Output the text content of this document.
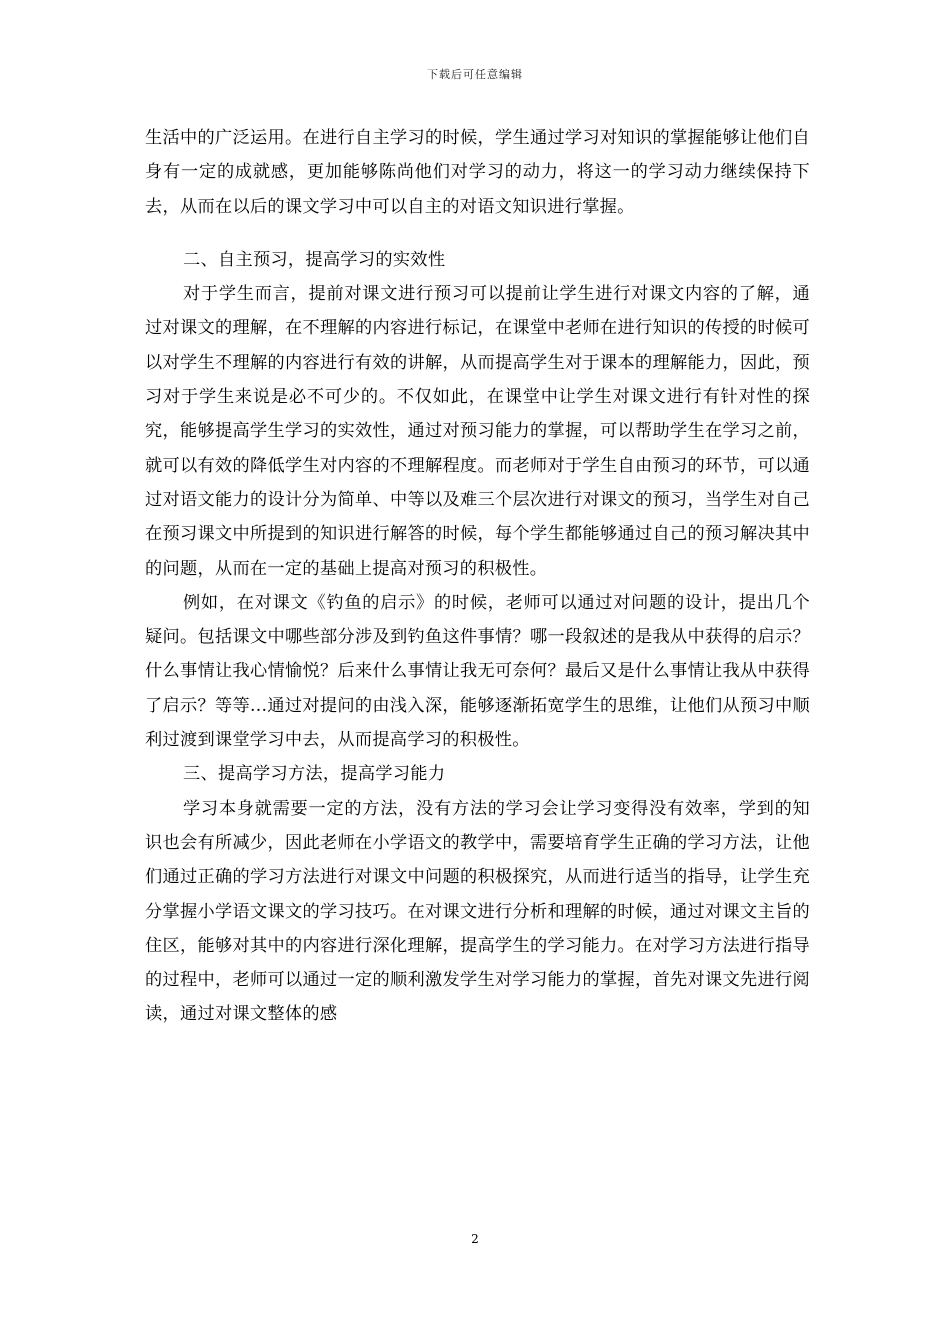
下载后可任意编辑

生活中的广泛运用。在进行自主学习的时候，学生通过学习对知识的掌握能够让他们自身有一定的成就感，更加能够陈尚他们对学习的动力，将这一的学习动力继续保持下去，从而在以后的课文学习中可以自主的对语文知识进行掌握。

二、自主预习，提高学习的实效性

对于学生而言，提前对课文进行预习可以提前让学生进行对课文内容的了解，通过对课文的理解，在不理解的内容进行标记，在课堂中老师在进行知识的传授的时候可以对学生不理解的内容进行有效的讲解，从而提高学生对于课本的理解能力，因此，预习对于学生来说是必不可少的。不仅如此，在课堂中让学生对课文进行有针对性的探究，能够提高学生学习的实效性，通过对预习能力的掌握，可以帮助学生在学习之前，就可以有效的降低学生对内容的不理解程度。而老师对于学生自由预习的环节，可以通过对语文能力的设计分为简单、中等以及难三个层次进行对课文的预习，当学生对自己在预习课文中所提到的知识进行解答的时候，每个学生都能够通过自己的预习解决其中的问题，从而在一定的基础上提高对预习的积极性。

例如，在对课文《钓鱼的启示》的时候，老师可以通过对问题的设计，提出几个疑问。包括课文中哪些部分涉及到钓鱼这件事情？哪一段叙述的是我从中获得的启示？什么事情让我心情愉悦？后来什么事情让我无可奈何？最后又是什么事情让我从中获得了启示？等等...通过对提问的由浅入深，能够逐渐拓宽学生的思维，让他们从预习中顺利过渡到课堂学习中去，从而提高学习的积极性。

三、提高学习方法，提高学习能力

学习本身就需要一定的方法，没有方法的学习会让学习变得没有效率，学到的知识也会有所减少，因此老师在小学语文的教学中，需要培育学生正确的学习方法，让他们通过正确的学习方法进行对课文中问题的积极探究，从而进行适当的指导，让学生充分掌握小学语文课文的学习技巧。在对课文进行分析和理解的时候，通过对课文主旨的住区，能够对其中的内容进行深化理解，提高学生的学习能力。在对学习方法进行指导的过程中，老师可以通过一定的顺利激发学生对学习能力的掌握，首先对课文先进行阅读，通过对课文整体的感

2
